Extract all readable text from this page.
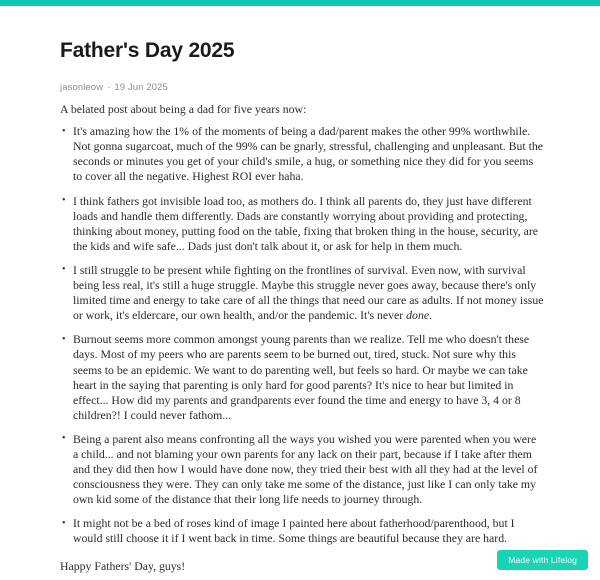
Father's Day 2025
jasonleow · 19 Jun 2025

A belated post about being a dad for five years now:

• It's amazing how the 1% of the moments of being a dad/parent makes the other 99% worthwhile. Not gonna sugarcoat, much of the 99% can be gnarly, stressful, challenging and unpleasant. But the seconds or minutes you get of your child's smile, a hug, or something nice they did for you seems to cover all the negative. Highest ROI ever haha.
• I think fathers got invisible load too, as mothers do. I think all parents do, they just have different loads and handle them differently. Dads are constantly worrying about providing and protecting, thinking about money, putting food on the table, fixing that broken thing in the house, security, are the kids and wife safe... Dads just don't talk about it, or ask for help in them much.
• I still struggle to be present while fighting on the frontlines of survival. Even now, with survival being less real, it's still a huge struggle. Maybe this struggle never goes away, because there's only limited time and energy to take care of all the things that need our care as adults. If not money issue or work, it's eldercare, our own health, and/or the pandemic. It's never done.
• Burnout seems more common amongst young parents than we realize. Tell me who doesn't these days. Most of my peers who are parents seem to be burned out, tired, stuck. Not sure why this seems to be an epidemic. We want to do parenting well, but feels so hard. Or maybe we can take heart in the saying that parenting is only hard for good parents? It's nice to hear but limited in effect... How did my parents and grandparents ever found the time and energy to have 3, 4 or 8 children?! I could never fathom...
• Being a parent also means confronting all the ways you wished you were parented when you were a child... and not blaming your own parents for any lack on their part, because if I take after them and they did then how I would have done now, they tried their best with all they had at the level of consciousness they were. They can only take me some of the distance, just like I can only take my own kid some of the distance that their long life needs to journey through.
• It might not be a bed of roses kind of image I painted here about fatherhood/parenthood, but I would still choose it if I went back in time. Some things are beautiful because they are hard.

Happy Fathers' Day, guys!	Made with Lifelog
